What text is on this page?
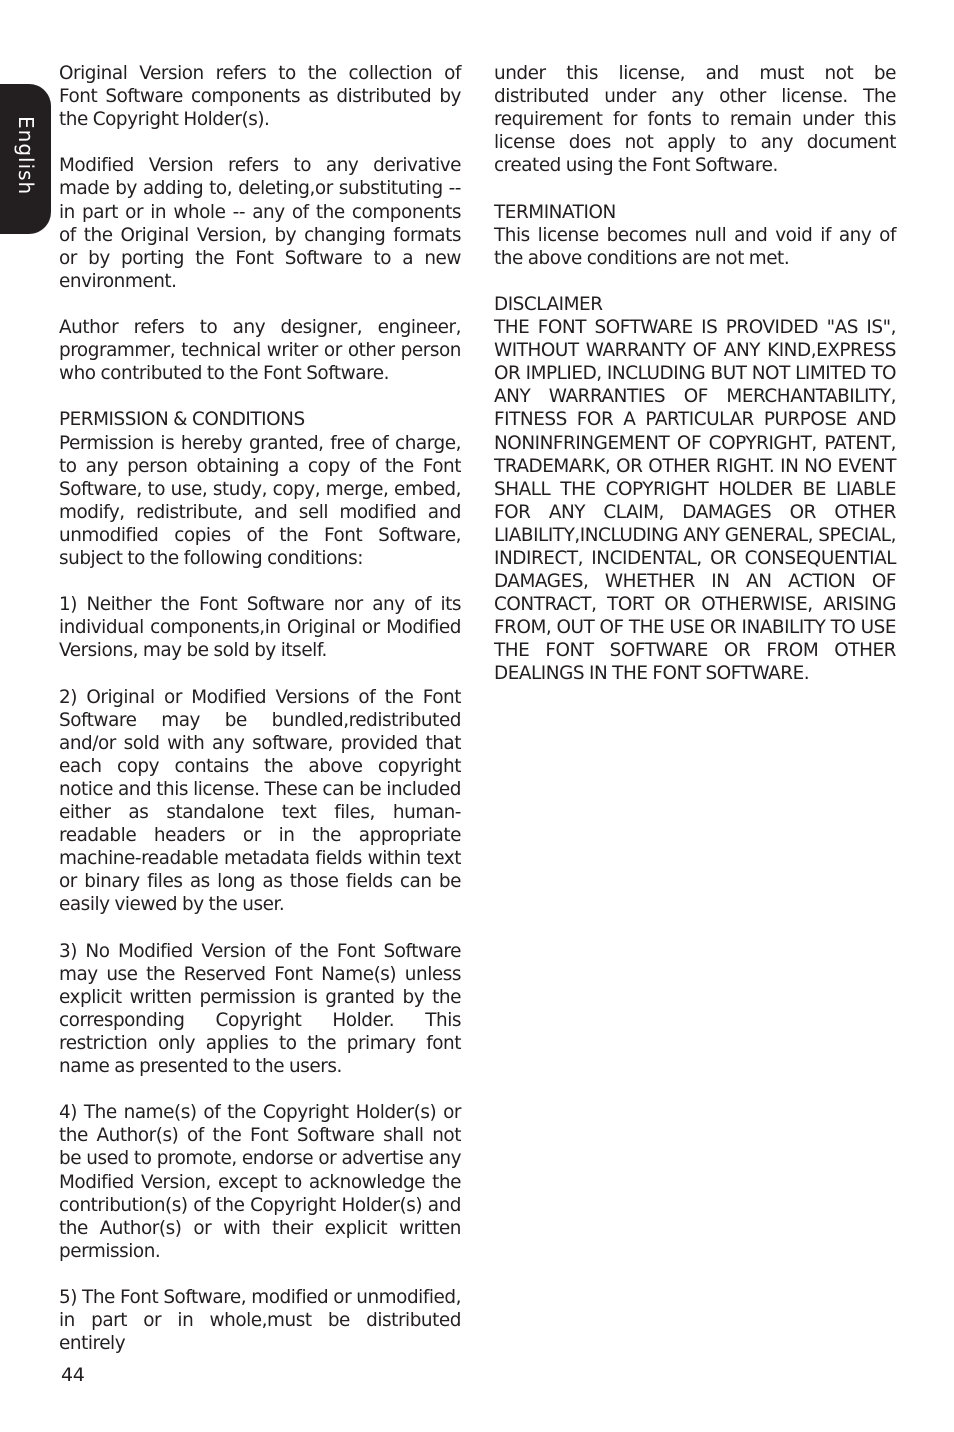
English

Original Version refers to the collection of Font Software components as distributed by the Copyright Holder(s).

Modified Version refers to any derivative made by adding to, deleting,or substituting -- in part or in whole -- any of the components of the Original Version, by changing formats or by porting the Font Software to a new environment.

Author refers to any designer, engineer, programmer, technical writer or other person who contributed to the Font Software.

PERMISSION & CONDITIONS

Permission is hereby granted, free of charge, to any person obtaining a copy of the Font Software, to use, study, copy, merge, embed, modify, redistribute, and sell modified and unmodified copies of the Font Software, subject to the following conditions:

1) Neither the Font Software nor any of its individual components,in Original or Modified Versions, may be sold by itself.

2) Original or Modified Versions of the Font Software may be bundled,redistributed and/or sold with any software, provided that each copy contains the above copyright notice and this license. These can be included either as standalone text files, human-readable headers or in the appropriate machine-readable metadata fields within text or binary files as long as those fields can be easily viewed by the user.

3) No Modified Version of the Font Software may use the Reserved Font Name(s) unless explicit written permission is granted by the corresponding Copyright Holder. This restriction only applies to the primary font name as presented to the users.

4) The name(s) of the Copyright Holder(s) or the Author(s) of the Font Software shall not be used to promote, endorse or advertise any Modified Version, except to acknowledge the contribution(s) of the Copyright Holder(s) and the Author(s) or with their explicit written permission.

5) The Font Software, modified or unmodified, in part or in whole,must be distributed entirely

under this license, and must not be distributed under any other license. The requirement for fonts to remain under this license does not apply to any document created using the Font Software.

TERMINATION

This license becomes null and void if any of the above conditions are not met.

DISCLAIMER

THE FONT SOFTWARE IS PROVIDED "AS IS", WITHOUT WARRANTY OF ANY KIND,EXPRESS OR IMPLIED, INCLUDING BUT NOT LIMITED TO ANY WARRANTIES OF MERCHANTABILITY, FITNESS FOR A PARTICULAR PURPOSE AND NONINFRINGEMENT OF COPYRIGHT, PATENT, TRADEMARK, OR OTHER RIGHT. IN NO EVENT SHALL THE COPYRIGHT HOLDER BE LIABLE FOR ANY CLAIM, DAMAGES OR OTHER LIABILITY,INCLUDING ANY GENERAL, SPECIAL, INDIRECT, INCIDENTAL, OR CONSEQUENTIAL DAMAGES, WHETHER IN AN ACTION OF CONTRACT, TORT OR OTHERWISE, ARISING FROM, OUT OF THE USE OR INABILITY TO USE THE FONT SOFTWARE OR FROM OTHER DEALINGS IN THE FONT SOFTWARE.

44
